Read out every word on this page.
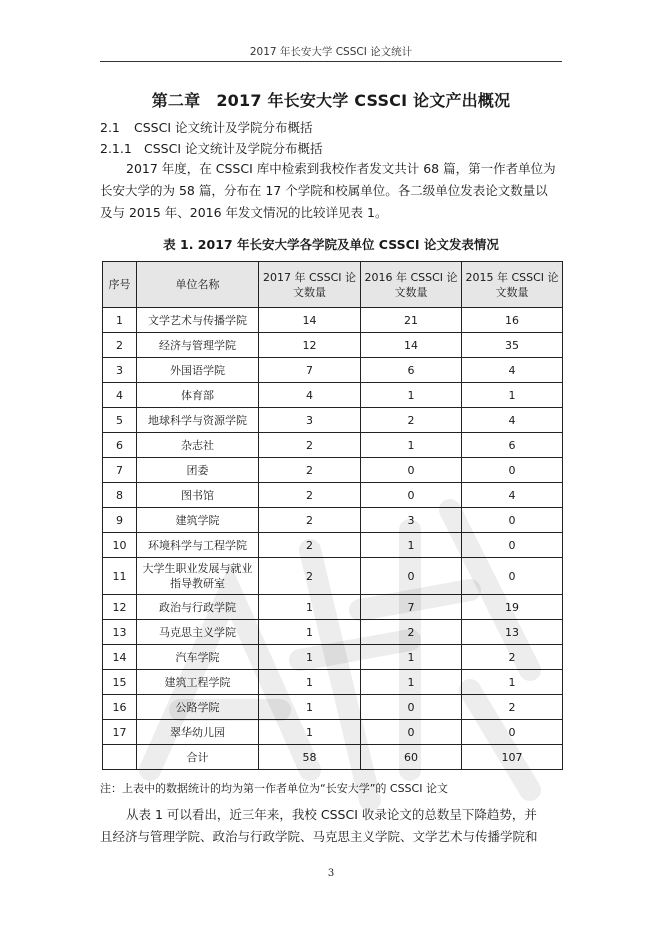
2017 年长安大学 CSSCI 论文统计
第二章 2017 年长安大学 CSSCI 论文产出概况
2.1 CSSCI 论文统计及学院分布概括
2.1.1 CSSCI 论文统计及学院分布概括
2017 年度，在 CSSCI 库中检索到我校作者发文共计 68 篇，第一作者单位为
长安大学的为 58 篇，分布在 17 个学院和校属单位。各二级单位发表论文数量以
及与 2015 年、2016 年发文情况的比较详见表 1。
表 1. 2017 年长安大学各学院及单位 CSSCI 论文发表情况
序号	单位名称	2017 年 CSSCI 论文数量	2016 年 CSSCI 论文数量	2015 年 CSSCI 论文数量
1	文学艺术与传播学院	14	21	16
2	经济与管理学院	12	14	35
3	外国语学院	7	6	4
4	体育部	4	1	1
5	地球科学与资源学院	3	2	4
6	杂志社	2	1	6
7	团委	2	0	0
8	图书馆	2	0	4
9	建筑学院	2	3	0
10	环境科学与工程学院	2	1	0
11	大学生职业发展与就业指导教研室	2	0	0
12	政治与行政学院	1	7	19
13	马克思主义学院	1	2	13
14	汽车学院	1	1	2
15	建筑工程学院	1	1	1
16	公路学院	1	0	2
17	翠华幼儿园	1	0	0
	合计	58	60	107
注：上表中的数据统计的均为第一作者单位为“长安大学”的 CSSCI 论文
从表 1 可以看出，近三年来，我校 CSSCI 收录论文的总数呈下降趋势，并
且经济与管理学院、政治与行政学院、马克思主义学院、文学艺术与传播学院和
3
